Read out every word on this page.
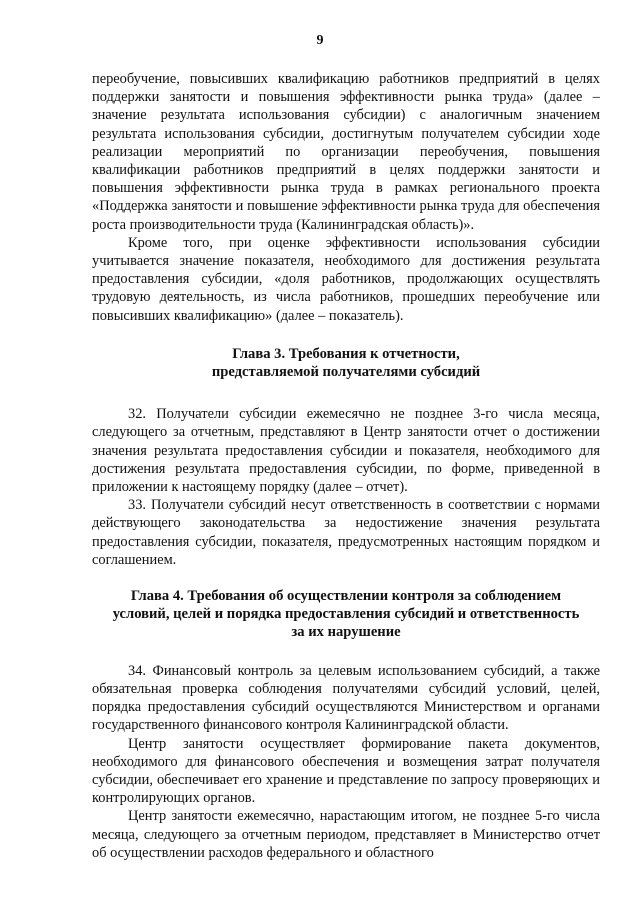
9

переобучение, повысивших квалификацию работников предприятий в целях поддержки занятости и повышения эффективности рынка труда» (далее – значение результата использования субсидии) с аналогичным значением результата использования субсидии, достигнутым получателем субсидии ходе реализации мероприятий по организации переобучения, повышения квалификации работников предприятий в целях поддержки занятости и повышения эффективности рынка труда в рамках регионального проекта «Поддержка занятости и повышение эффективности рынка труда для обеспечения роста производительности труда (Калининградская область)».

Кроме того, при оценке эффективности использования субсидии учитывается значение показателя, необходимого для достижения результата предоставления субсидии, «доля работников, продолжающих осуществлять трудовую деятельность, из числа работников, прошедших переобучение или повысивших квалификацию» (далее – показатель).

Глава 3. Требования к отчетности,

представляемой получателями субсидий

32. Получатели субсидии ежемесячно не позднее 3-го числа месяца, следующего за отчетным, представляют в Центр занятости отчет о достижении значения результата предоставления субсидии и показателя, необходимого для достижения результата предоставления субсидии, по форме, приведенной в приложении к настоящему порядку (далее – отчет).

33. Получатели субсидий несут ответственность в соответствии с нормами действующего законодательства за недостижение значения результата предоставления субсидии, показателя, предусмотренных настоящим порядком и соглашением.

Глава 4. Требования об осуществлении контроля за соблюдением

условий, целей и порядка предоставления субсидий и ответственность

за их нарушение

34. Финансовый контроль за целевым использованием субсидий, а также обязательная проверка соблюдения получателями субсидий условий, целей, порядка предоставления субсидий осуществляются Министерством и органами государственного финансового контроля Калининградской области.

Центр занятости осуществляет формирование пакета документов, необходимого для финансового обеспечения и возмещения затрат получателя субсидии, обеспечивает его хранение и представление по запросу проверяющих и контролирующих органов.

Центр занятости ежемесячно, нарастающим итогом, не позднее 5-го числа месяца, следующего за отчетным периодом, представляет в Министерство отчет об осуществлении расходов федерального и областного
